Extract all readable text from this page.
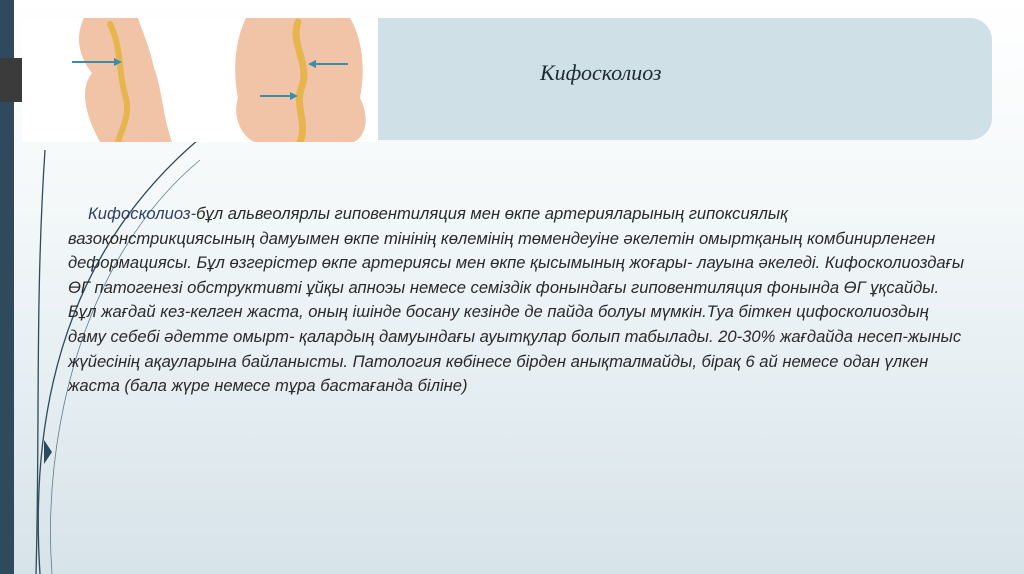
Кифосколиоз
Кифосколиоз-бұл альвеолярлы гиповентиляция мен өкпе артерияларының гипоксиялық вазоконстрикциясының дамуымен өкпе тінінің көлемінің төмендеуіне әкелетін омыртқаның комбинирленген деформациясы. Бұл өзгерістер өкпе артериясы мен өкпе қысымының жоғары- лауына әкеледі. Кифосколиоздағы ӨГ патогенезі обструктивті ұйқы апноэы немесе семіздік фонындағы гиповентиляция фонында ӨГ ұқсайды. Бұл жағдай кез-келген жаста, оның ішінде босану кезінде де пайда болуы мүмкін.Туа біткен цифосколиоздың даму себебі әдетте омырт- қалардың дамуындағы ауытқулар болып табылады. 20-30% жағдайда несеп-жыныс жүйесінің ақауларына байланысты. Патология көбінесе бірден анықталмайды, бірақ 6 ай немесе одан үлкен жаста (бала жүре немесе тұра бастағанда біліне)
